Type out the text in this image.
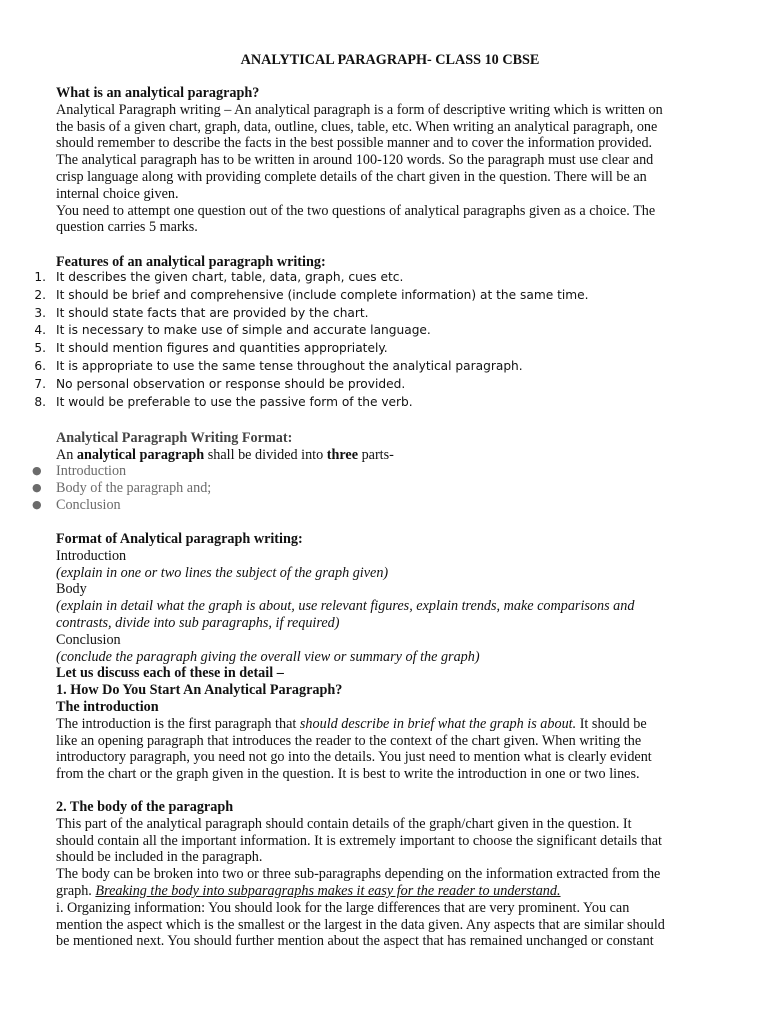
ANALYTICAL PARAGRAPH- CLASS 10 CBSE
What is an analytical paragraph?
Analytical Paragraph writing – An analytical paragraph is a form of descriptive writing which is written on
the basis of a given chart, graph, data, outline, clues, table, etc. When writing an analytical paragraph, one
should remember to describe the facts in the best possible manner and to cover the information provided.
The analytical paragraph has to be written in around 100-120 words. So the paragraph must use clear and
crisp language along with providing complete details of the chart given in the question. There will be an
internal choice given.
You need to attempt one question out of the two questions of analytical paragraphs given as a choice. The
question carries 5 marks.
Features of an analytical paragraph writing:
1. It describes the given chart, table, data, graph, cues etc.
2. It should be brief and comprehensive (include complete information) at the same time.
3. It should state facts that are provided by the chart.
4. It is necessary to make use of simple and accurate language.
5. It should mention figures and quantities appropriately.
6. It is appropriate to use the same tense throughout the analytical paragraph.
7. No personal observation or response should be provided.
8. It would be preferable to use the passive form of the verb.
Analytical Paragraph Writing Format:
An analytical paragraph shall be divided into three parts-
● Introduction
● Body of the paragraph and;
● Conclusion
Format of Analytical paragraph writing:
Introduction
(explain in one or two lines the subject of the graph given)
Body
(explain in detail what the graph is about, use relevant figures, explain trends, make comparisons and
contrasts, divide into sub paragraphs, if required)
Conclusion
(conclude the paragraph giving the overall view or summary of the graph)
Let us discuss each of these in detail –
1. How Do You Start An Analytical Paragraph?
The introduction
The introduction is the first paragraph that should describe in brief what the graph is about. It should be
like an opening paragraph that introduces the reader to the context of the chart given. When writing the
introductory paragraph, you need not go into the details. You just need to mention what is clearly evident
from the chart or the graph given in the question. It is best to write the introduction in one or two lines.
2. The body of the paragraph
This part of the analytical paragraph should contain details of the graph/chart given in the question. It
should contain all the important information. It is extremely important to choose the significant details that
should be included in the paragraph.
The body can be broken into two or three sub-paragraphs depending on the information extracted from the
graph. Breaking the body into subparagraphs makes it easy for the reader to understand.
i. Organizing information: You should look for the large differences that are very prominent. You can
mention the aspect which is the smallest or the largest in the data given. Any aspects that are similar should
be mentioned next. You should further mention about the aspect that has remained unchanged or constant
